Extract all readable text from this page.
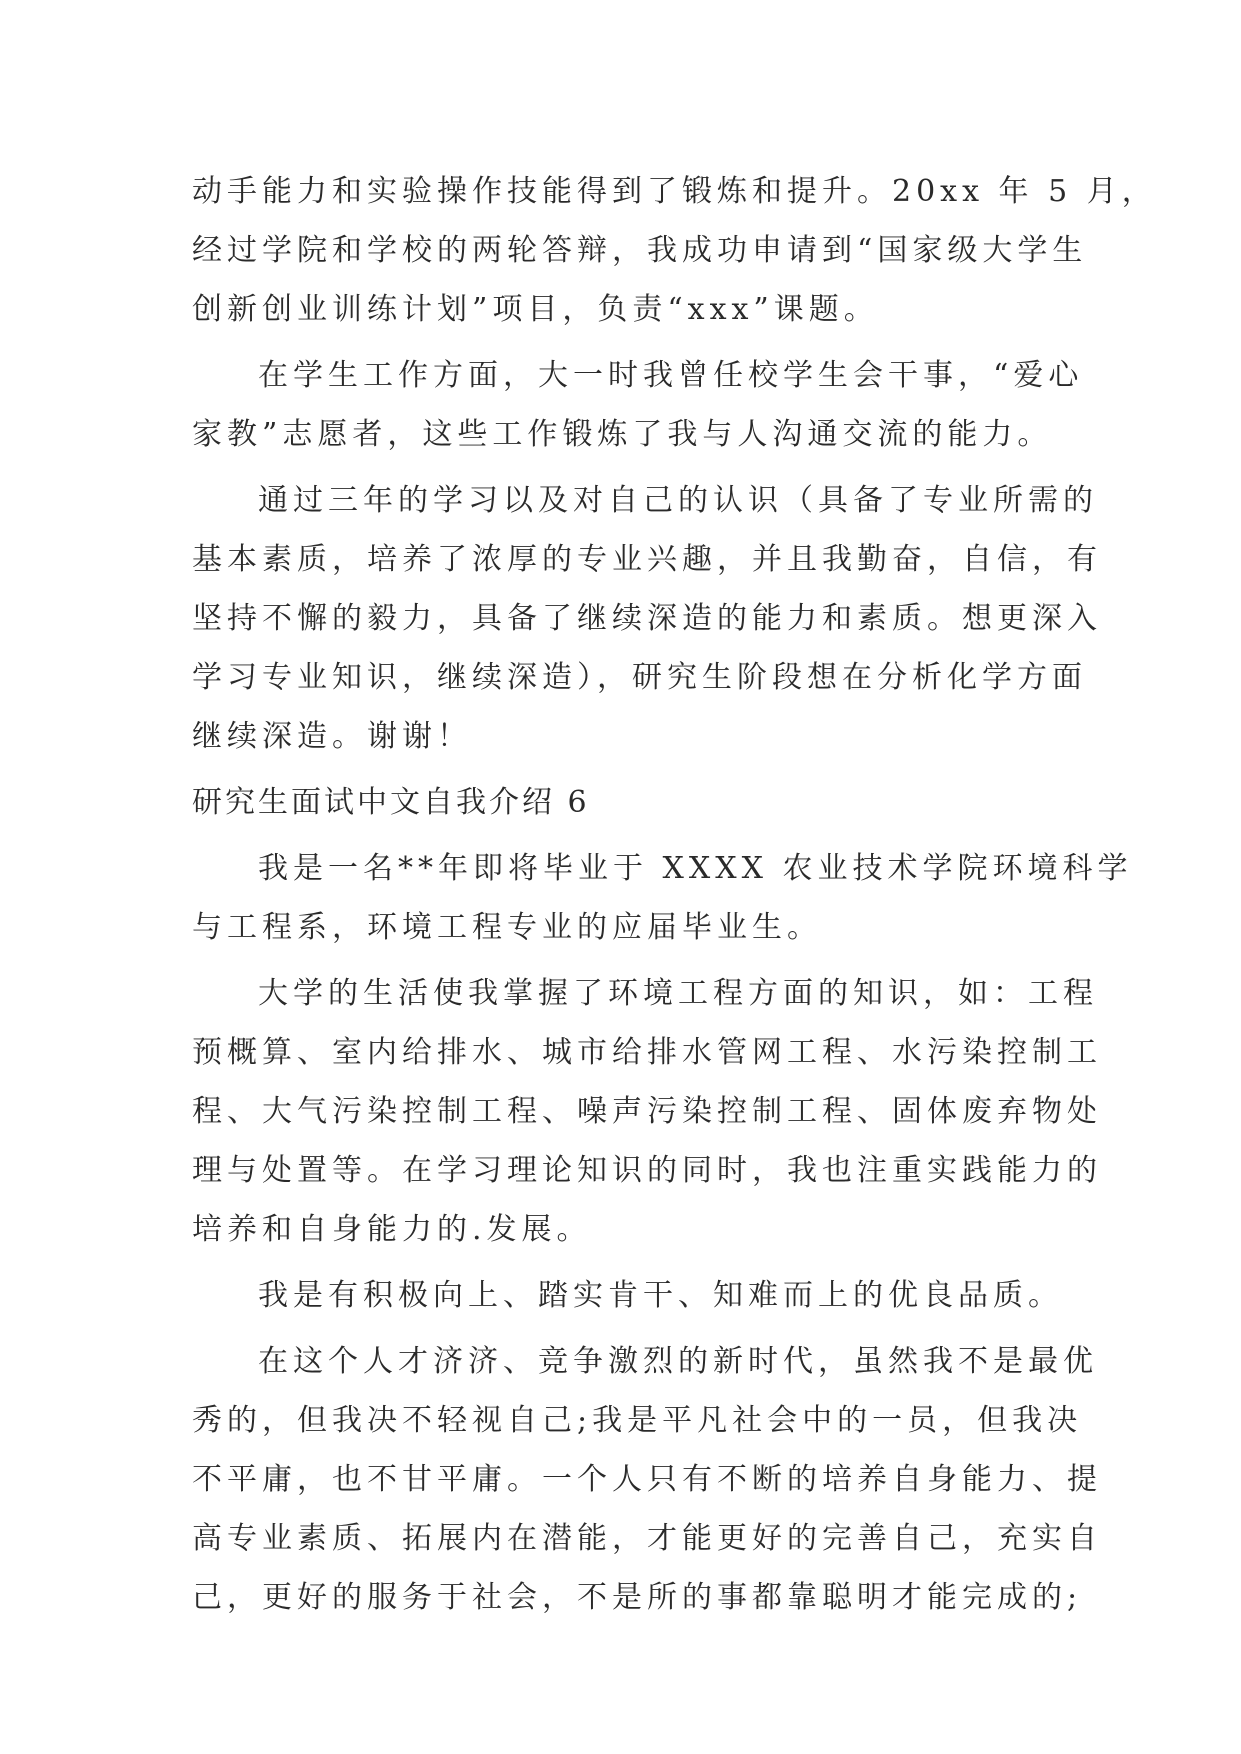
动手能力和实验操作技能得到了锻炼和提升。20xx 年 5 月，
经过学院和学校的两轮答辩，我成功申请到“国家级大学生
创新创业训练计划”项目，负责“xxx”课题。
在学生工作方面，大一时我曾任校学生会干事，“爱心
家教”志愿者，这些工作锻炼了我与人沟通交流的能力。
通过三年的学习以及对自己的认识（具备了专业所需的
基本素质，培养了浓厚的专业兴趣，并且我勤奋，自信，有
坚持不懈的毅力，具备了继续深造的能力和素质。想更深入
学习专业知识，继续深造），研究生阶段想在分析化学方面
继续深造。谢谢！
研究生面试中文自我介绍 6
我是一名**年即将毕业于 XXXX 农业技术学院环境科学
与工程系，环境工程专业的应届毕业生。
大学的生活使我掌握了环境工程方面的知识，如：工程
预概算、室内给排水、城市给排水管网工程、水污染控制工
程、大气污染控制工程、噪声污染控制工程、固体废弃物处
理与处置等。在学习理论知识的同时，我也注重实践能力的
培养和自身能力的.发展。
我是有积极向上、踏实肯干、知难而上的优良品质。
在这个人才济济、竞争激烈的新时代，虽然我不是最优
秀的，但我决不轻视自己;我是平凡社会中的一员，但我决
不平庸，也不甘平庸。一个人只有不断的培养自身能力、提
高专业素质、拓展内在潜能，才能更好的完善自己，充实自
己，更好的服务于社会，不是所的事都靠聪明才能完成的;
